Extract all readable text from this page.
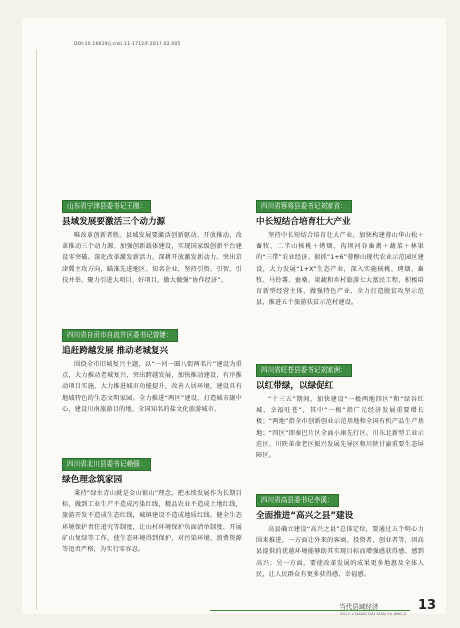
DOI:10.16619/j.cnki.11-1712/F.2017.02.005
山东省宁津县委书记王刚：
县域发展要激活三个动力源

唯改革创新者胜。县域发展要激活创新驱动、开放推动、改革推动三个动力源。加强创新载体建设，实现国家级创新平台建设零突破。深化改革激发新活力，深耕开放激发新动力。突出京津冀主攻方向，瞄准先进地区、知名企业，坚持引资、引智、引技并举，聚力引进大项目、好项目，做大做强“协作经济”。

四川省自贡市自流井区委书记曾婕：
追赶跨越发展 推动老城复兴

围绕全市旧城复兴主题，以“一河一圈八街两名片”建设为重点，大力推动老城复兴，突出跨越发展，加快推动建设，有序推动项目实施，大力推进城市功能提升，改善人居环境，建设具有地域特色的生态文明家园。全力推进“两区”建设，打造城市副中心，建设川南旅游目的地、全国知名的盐文化旅游城市。

四川省北川县委书记赖强：
绿色理念筑家园

秉持“绿水青山就是金山银山”理念，把永续发展作为长期目标，做到工业生产不造成污染红线，精品农业不造成土地红线，旅游开发不造成生态红线，城镇建设不造成地质红线。健全生态环境保护责任追究等制度，让山村环境保护负面清单制度、开展矿山复绿等工作，使生态环境得到保护，对污染环境、浪费资源等追责严格，为实行零容忍。

四川省蓉将县委书记刘家省：
中长短结合培育壮大产业

坚持中长短结合培育壮大产业，加快构建蓉山华山松＋畜牧、二半山核桃＋烤烟、沟坝河谷畜禽＋蔬菜＋林果的“三带”农业经济。狠抓“1+6”蓉醇山现代农业示范园区建设，大力发展“1+X”生态产业，深入实施核桃、烤烟、畜牧、马铃薯、蚕桑、果蔬和乡村旅游七大富民工程，积极培育新型经营主体，做强特色产业，全力打造脱贫攻坚示范县，推进五个旅游扶贫示范村建设。

四川省旺苍县委书记刘家洲：
以红带绿，以绿促红

“十三五”期间，加快建设“一极两地四区”和“绿谷红城、幸福旺苍”，其中“一极”指广元经济发展重要增长极；“两地”指全市创新创业示范基地和全国有机产品生产基地；“四区”即秦巴片区全面小康先行区、川东北新型工业示范区、川陕革命老区振兴发展先导区和川陕甘渝重要生态屏障区。

四川省高县委书记李溪：
全面推进“高兴之县”建设

高县确立建设“高兴之县”总体定位，要通过五个明心力围来推进，一方面让外来的客商、投资者、创业者等，因高县提供的优越环境能够助其实现目标而增强感获得感、感到高兴；另一方面，要使改革发展的成果更多地惠及全体人民，让人民群众有更多获得感、幸福感。

当代县域经济
2017.2 DANG DAI XIAN YU JING JI
13
